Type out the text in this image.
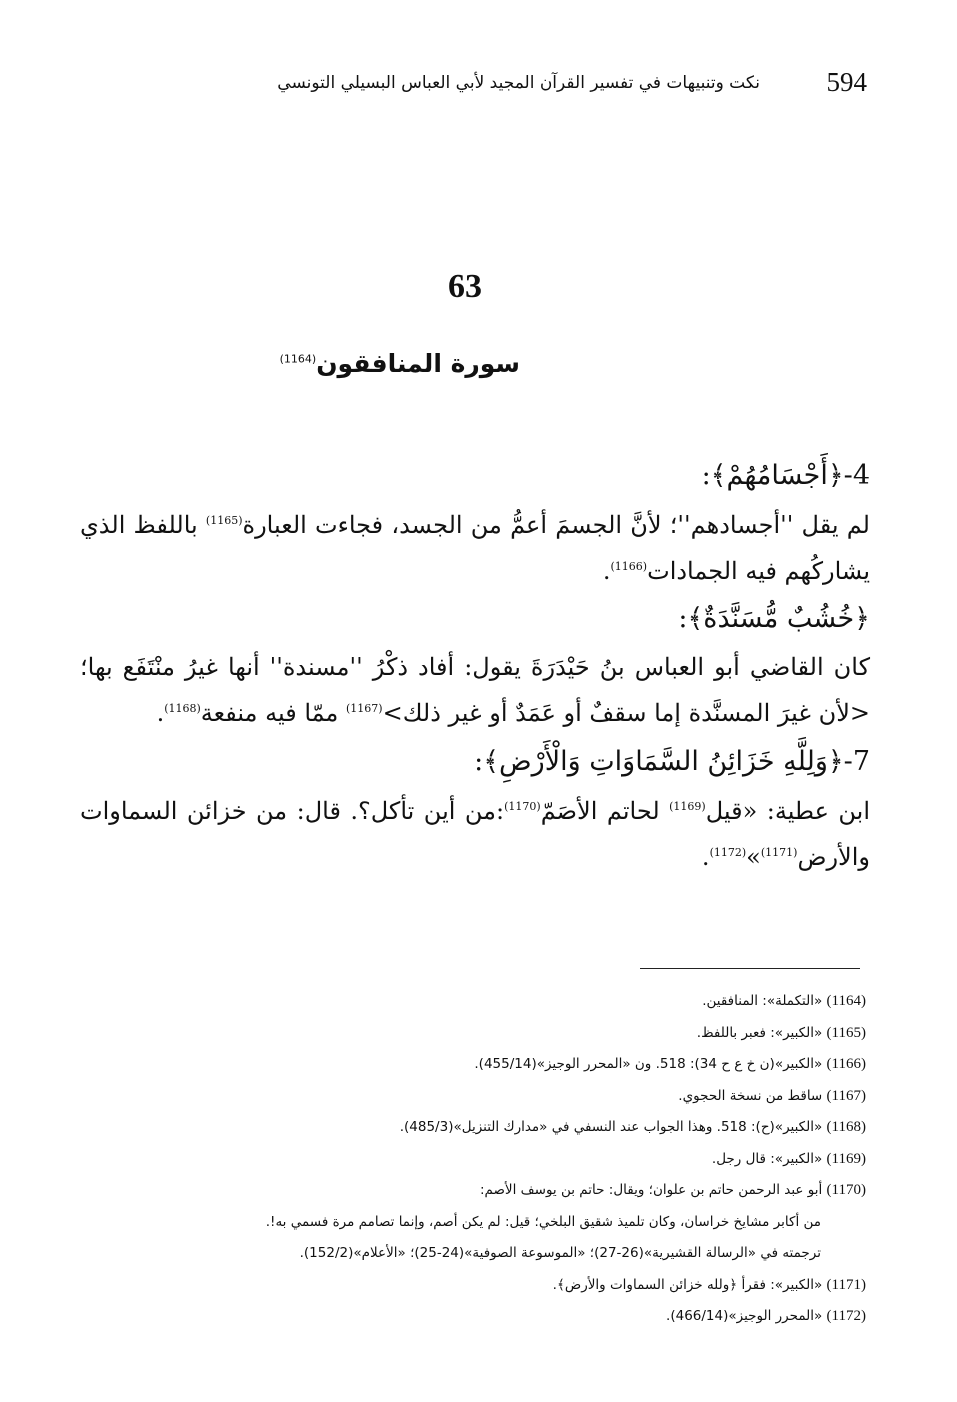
594
نكت وتنبيهات في تفسير القرآن المجيد لأبي العباس البسيلي التونسي
63
سورة المنافقون$^{(1164)}$

4-﴿أَجْسَامُهُمْ﴾:

لم يقل ''أجسادهم''؛ لأنَّ الجسمَ أعمُّ من الجسد، فجاءت العبارة$^{(1165)}$ باللفظ الذي يشاركُهم فيه الجمادات$^{(1166)}$.

﴿خُشُبٌ مُّسَنَّدَةٌ﴾:

كان القاضي أبو العباس بنُ حَيْدَرَةَ يقول: أفاد ذكْرُ ''مسندة'' أنها غيرُ منْتَفَع بها؛ <لأن غيرَ المسنَّدة إما سقفٌ أو عَمَدٌ أو غير ذلك>$^{(1167)}$ ممّا فيه منفعة$^{(1168)}$.

7-﴿وَلِلَّهِ خَزَائِنُ السَّمَاوَاتِ وَالْأَرْضِ﴾:

ابن عطية: «قيل$^{(1169)}$ لحاتم الأصَمّ$^{(1170)}$:من أين تأكل؟. قال: من خزائن السماوات والأرض$^{(1171)}$»$^{(1172)}$.

(1164) «التكملة»: المنافقين.

(1165) «الكبير»: فعبر باللفظ.

(1166) «الكبير»(ن خ ع ح 34): 518. ون «المحرر الوجيز»(455/14).

(1167) ساقط من نسخة الحجوي.

(1168) «الكبير»(ح): 518. وهذا الجواب عند النسفي في «مدارك التنزيل»(485/3).

(1169) «الكبير»: قال رجل.

(1170) أبو عبد الرحمن حاتم بن علوان؛ ويقال: حاتم بن يوسف الأصم:

من أكابر مشايخ خراسان، وكان تلميذ شقيق البلخي؛ قيل: لم يكن أصم، وإنما تصامم مرة فسمي به!.

ترجمته في «الرسالة القشيرية»(26-27)؛ «الموسوعة الصوفية»(24-25)؛ «الأعلام»(152/2).

(1171) «الكبير»: فقرأ ﴿ولله خزائن السماوات والأرض﴾.

(1172) «المحرر الوجيز»(466/14).
